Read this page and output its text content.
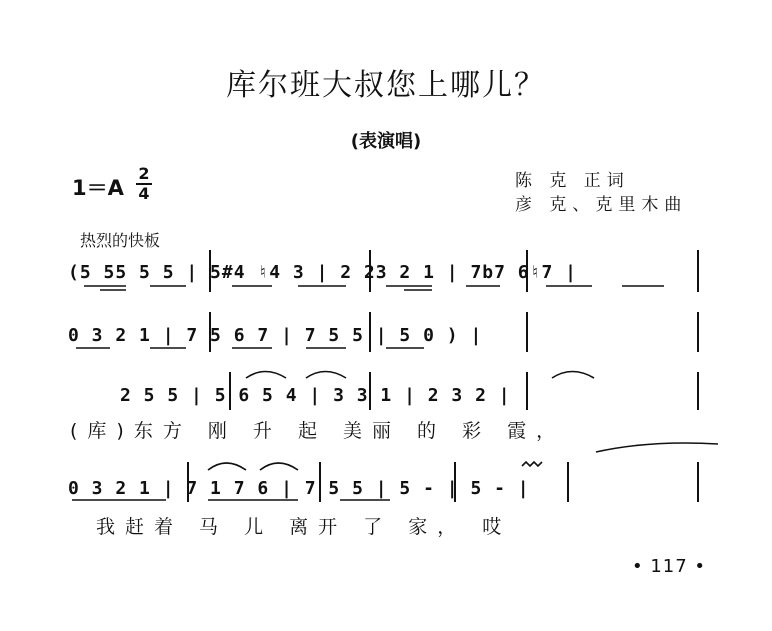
库尔班大叔您上哪儿？
(表演唱)
1＝A
2
4
陈 克 正词
彦 克、克里木曲
热烈的快板
(5 55 5 5 | 5#4 ♮4 3 | 2 23 2 1 | 7b7 6♮7 |
0 3 2 1 | 7 5 6 7 | 7 5 5 | 5 0 ) |
2 5 5 | 5 6 5 4 | 3 3 1 | 2 3 2 |
(库)东方 刚 升 起 美丽 的 彩 霞，
0 3 2 1 | 7 1 7 6 | 7 5 5 | 5 - | 5 - |
我赶着 马 儿 离开 了 家， 哎
• 117 •
